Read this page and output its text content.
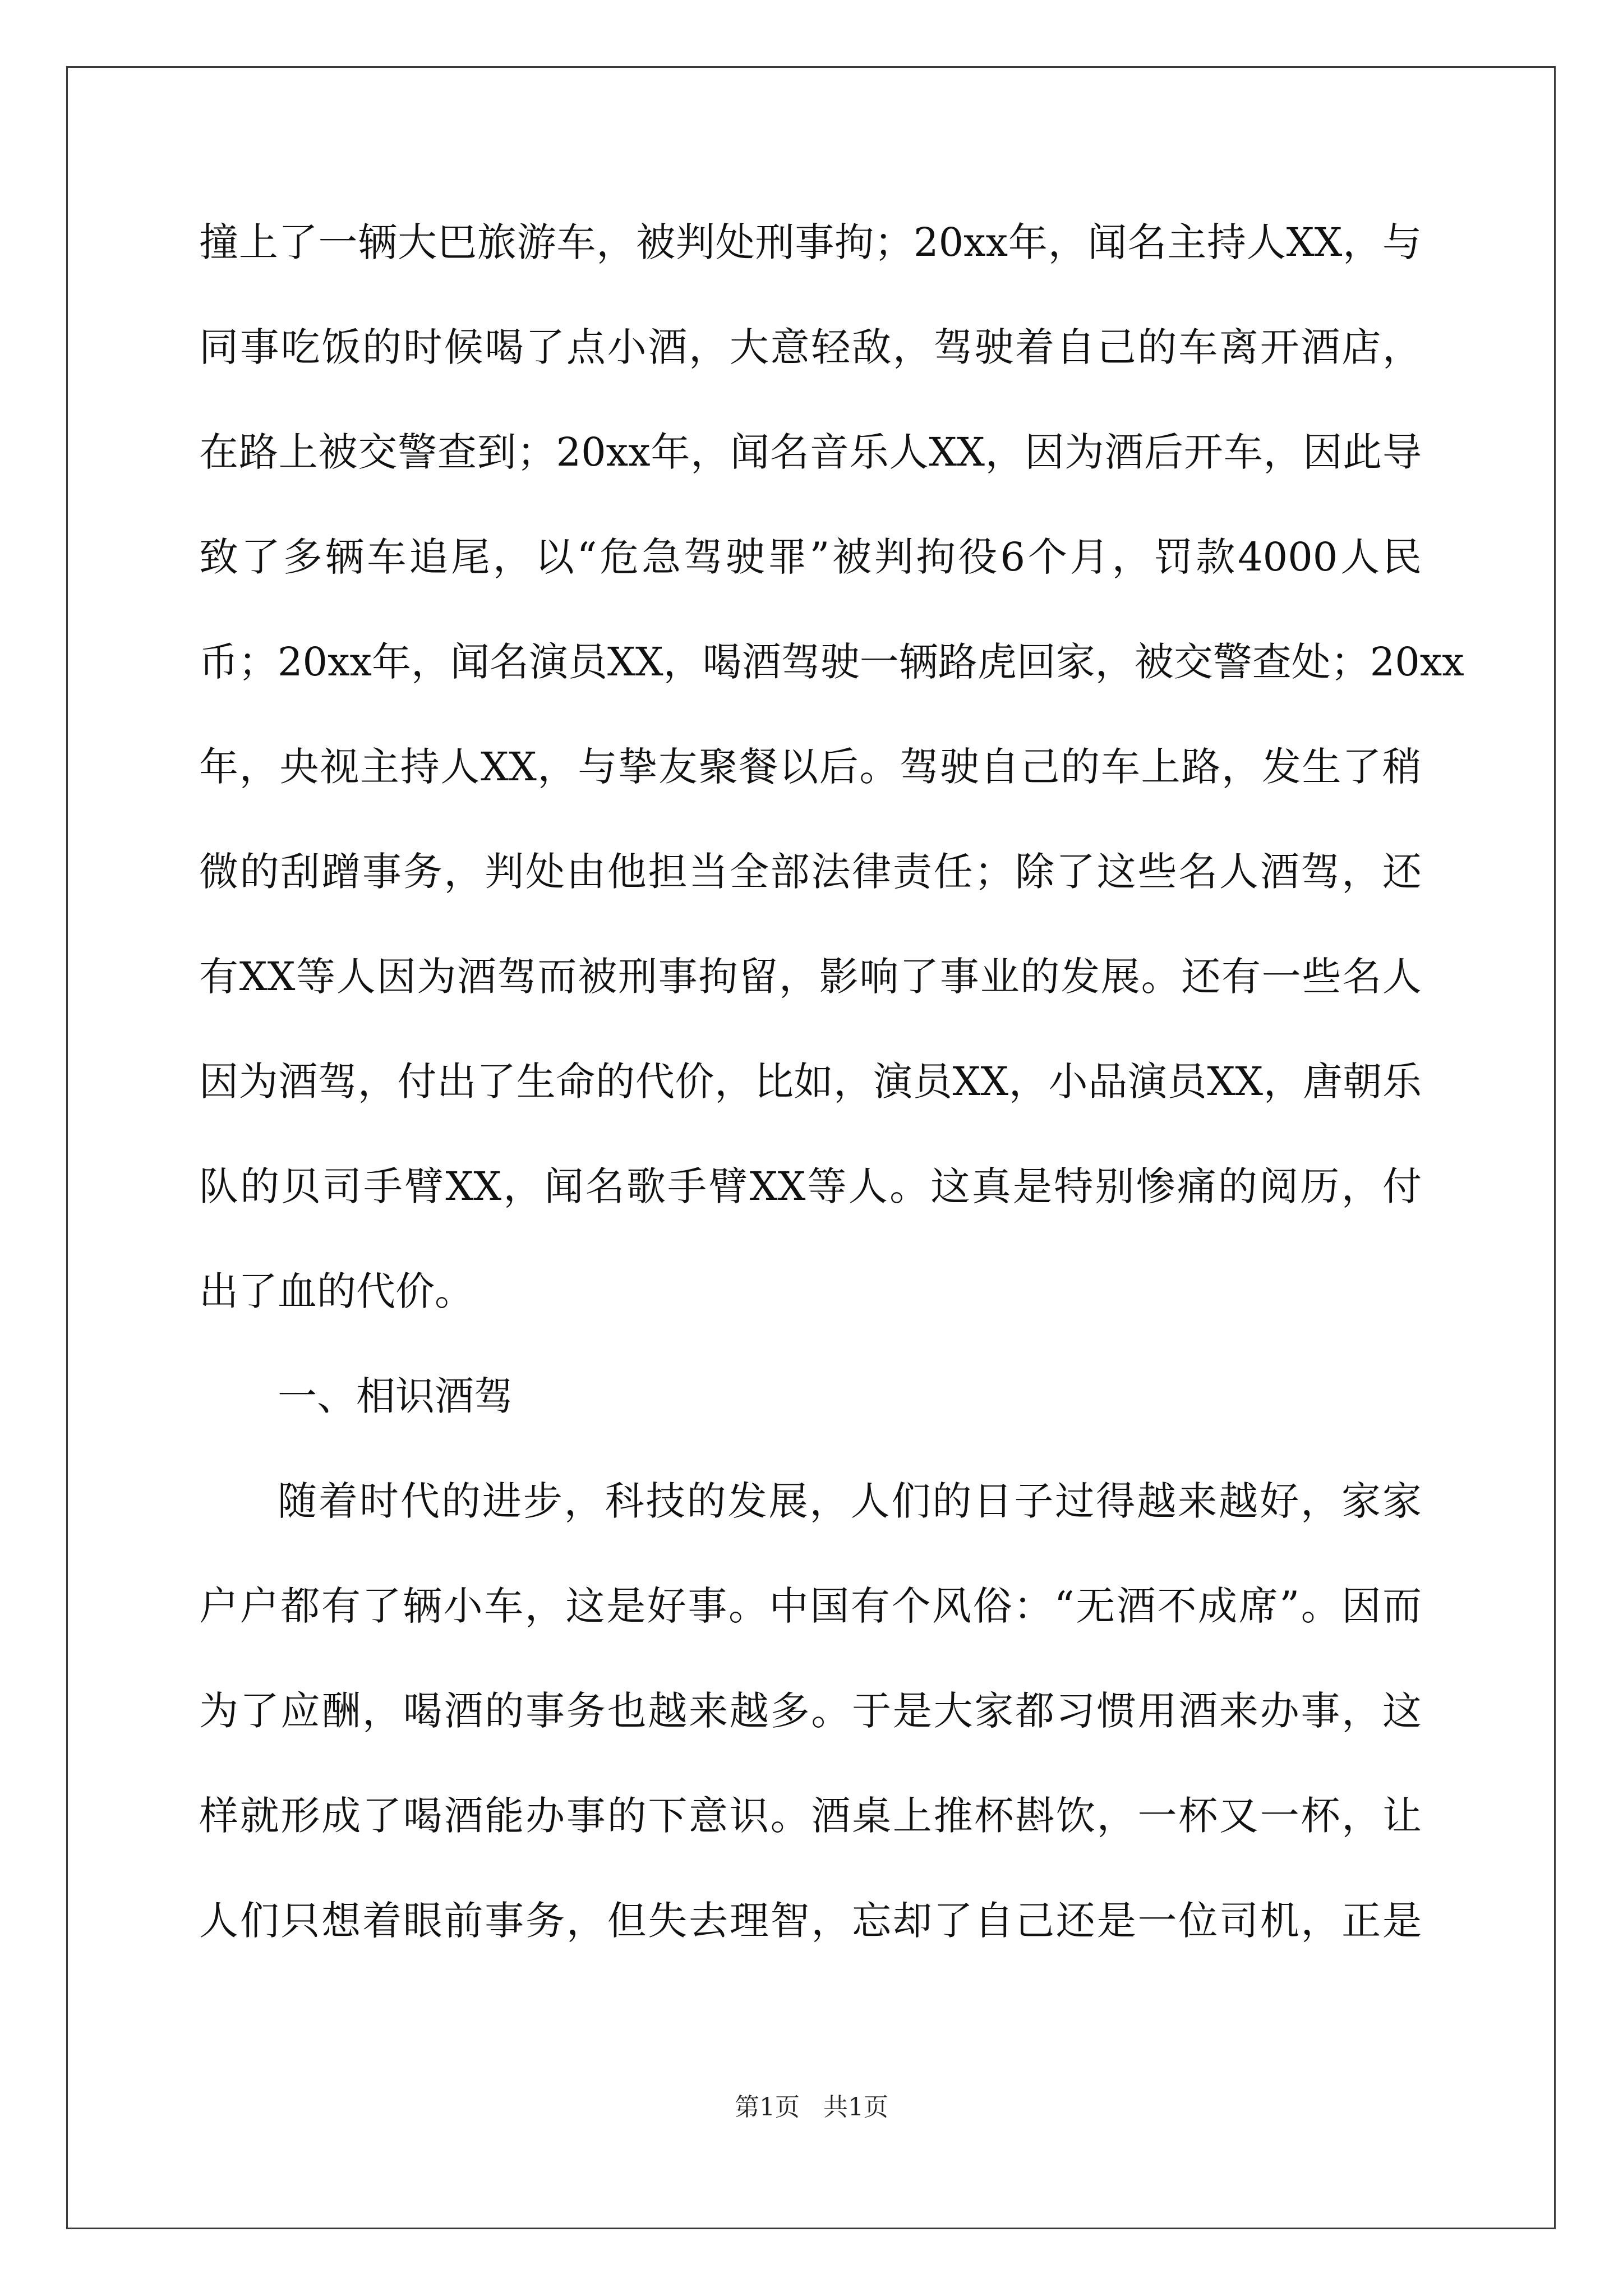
撞上了一辆大巴旅游车，被判处刑事拘；20xx年，闻名主持人XX，与
同事吃饭的时候喝了点小酒，大意轻敌，驾驶着自己的车离开酒店，
在路上被交警查到；20xx年，闻名音乐人XX，因为酒后开车，因此导
致了多辆车追尾，以“危急驾驶罪”被判拘役6个月，罚款4000人民
币；20xx年，闻名演员XX，喝酒驾驶一辆路虎回家，被交警查处；20xx
年，央视主持人XX，与挚友聚餐以后。驾驶自己的车上路，发生了稍
微的刮蹭事务，判处由他担当全部法律责任；除了这些名人酒驾，还
有XX等人因为酒驾而被刑事拘留，影响了事业的发展。还有一些名人
因为酒驾，付出了生命的代价，比如，演员XX，小品演员XX，唐朝乐
队的贝司手臂XX，闻名歌手臂XX等人。这真是特别惨痛的阅历，付
出了血的代价。
一、相识酒驾
随着时代的进步，科技的发展，人们的日子过得越来越好，家家
户户都有了辆小车，这是好事。中国有个风俗：“无酒不成席”。因而
为了应酬，喝酒的事务也越来越多。于是大家都习惯用酒来办事，这
样就形成了喝酒能办事的下意识。酒桌上推杯斟饮，一杯又一杯，让
人们只想着眼前事务，但失去理智，忘却了自己还是一位司机，正是
第1页   共1页
